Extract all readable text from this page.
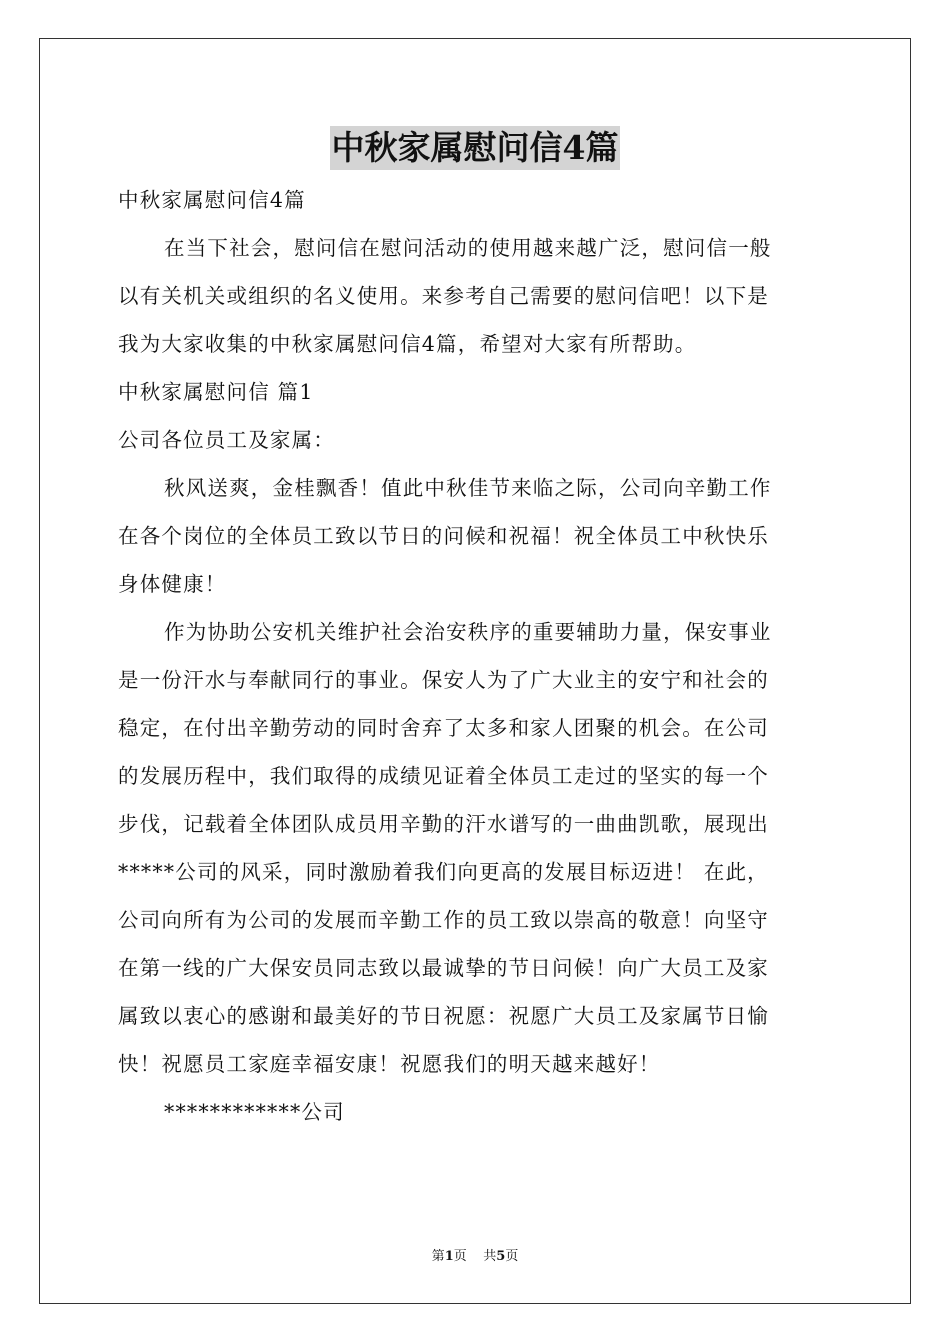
中秋家属慰问信4篇
中秋家属慰问信4篇
在当下社会，慰问信在慰问活动的使用越来越广泛，慰问信一般
以有关机关或组织的名义使用。来参考自己需要的慰问信吧！以下是
我为大家收集的中秋家属慰问信4篇，希望对大家有所帮助。
中秋家属慰问信 篇1
公司各位员工及家属：
秋风送爽，金桂飘香！值此中秋佳节来临之际，公司向辛勤工作
在各个岗位的全体员工致以节日的问候和祝福！祝全体员工中秋快乐
身体健康！
作为协助公安机关维护社会治安秩序的重要辅助力量，保安事业
是一份汗水与奉献同行的事业。保安人为了广大业主的安宁和社会的
稳定，在付出辛勤劳动的同时舍弃了太多和家人团聚的机会。在公司
的发展历程中，我们取得的成绩见证着全体员工走过的坚实的每一个
步伐，记载着全体团队成员用辛勤的汗水谱写的一曲曲凯歌，展现出
*****公司的风采，同时激励着我们向更高的发展目标迈进！ 在此，
公司向所有为公司的发展而辛勤工作的员工致以崇高的敬意！向坚守
在第一线的广大保安员同志致以最诚挚的节日问候！向广大员工及家
属致以衷心的感谢和最美好的节日祝愿：祝愿广大员工及家属节日愉
快！祝愿员工家庭幸福安康！祝愿我们的明天越来越好！
************公司
第1页    共5页
